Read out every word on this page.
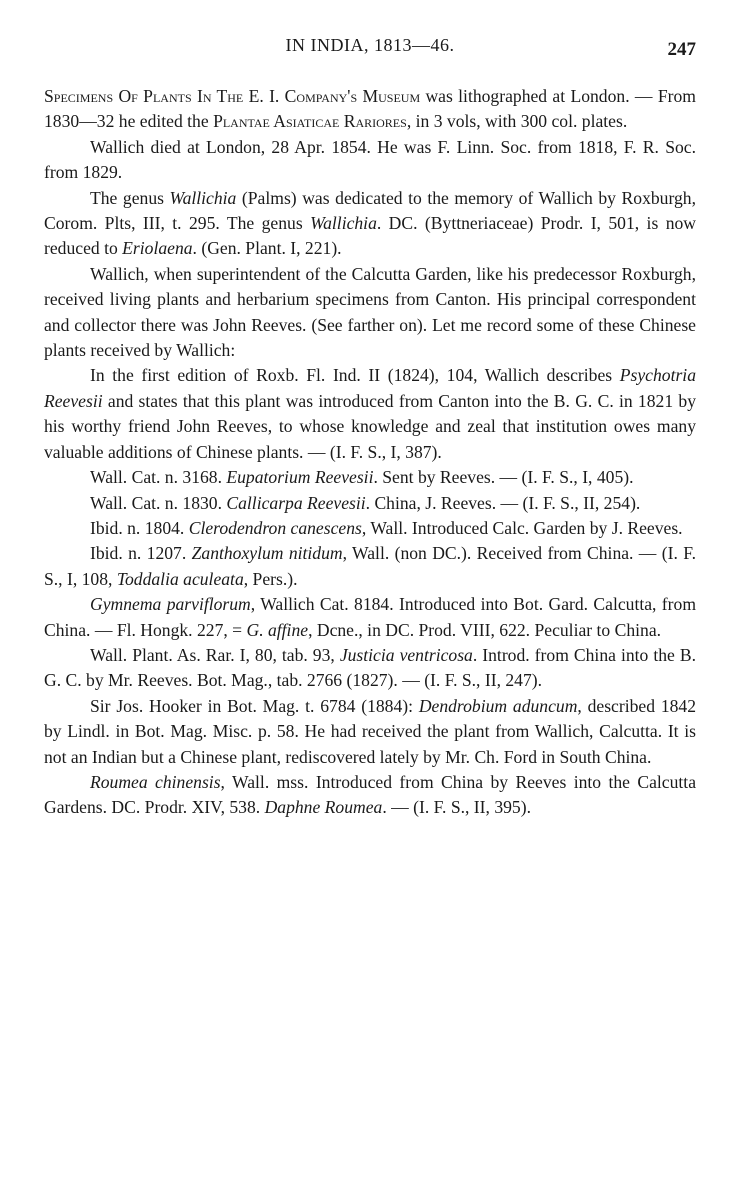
IN INDIA, 1813—46.	247

Specimens Of Plants In The E. I. Company's Museum was lithographed at London. — From 1830—32 he edited the Plantae Asiaticae Rariores, in 3 vols, with 300 col. plates.

Wallich died at London, 28 Apr. 1854. He was F. Linn. Soc. from 1818, F. R. Soc. from 1829.

The genus Wallichia (Palms) was dedicated to the memory of Wallich by Roxburgh, Corom. Plts, III, t. 295. The genus Wallichia. DC. (Byttneriaceae) Prodr. I, 501, is now reduced to Eriolaena. (Gen. Plant. I, 221).

Wallich, when superintendent of the Calcutta Garden, like his predecessor Roxburgh, received living plants and herbarium specimens from Canton. His principal correspondent and collector there was John Reeves. (See farther on). Let me record some of these Chinese plants received by Wallich:

In the first edition of Roxb. Fl. Ind. II (1824), 104, Wallich describes Psychotria Reevesii and states that this plant was introduced from Canton into the B. G. C. in 1821 by his worthy friend John Reeves, to whose knowledge and zeal that institution owes many valuable additions of Chinese plants. — (I. F. S., I, 387).

Wall. Cat. n. 3168. Eupatorium Reevesii. Sent by Reeves. — (I. F. S., I, 405).

Wall. Cat. n. 1830. Callicarpa Reevesii. China, J. Reeves. — (I. F. S., II, 254).

Ibid. n. 1804. Clerodendron canescens, Wall. Introduced Calc. Garden by J. Reeves.

Ibid. n. 1207. Zanthoxylum nitidum, Wall. (non DC.). Received from China. — (I. F. S., I, 108, Toddalia aculeata, Pers.).

Gymnema parviflorum, Wallich Cat. 8184. Introduced into Bot. Gard. Calcutta, from China. — Fl. Hongk. 227, = G. affine, Dcne., in DC. Prod. VIII, 622. Peculiar to China.

Wall. Plant. As. Rar. I, 80, tab. 93, Justicia ventricosa. Introd. from China into the B. G. C. by Mr. Reeves. Bot. Mag., tab. 2766 (1827). — (I. F. S., II, 247).

Sir Jos. Hooker in Bot. Mag. t. 6784 (1884): Dendrobium aduncum, described 1842 by Lindl. in Bot. Mag. Misc. p. 58. He had received the plant from Wallich, Calcutta. It is not an Indian but a Chinese plant, rediscovered lately by Mr. Ch. Ford in South China.

Roumea chinensis, Wall. mss. Introduced from China by Reeves into the Calcutta Gardens. DC. Prodr. XIV, 538. Daphne Roumea. — (I. F. S., II, 395).
